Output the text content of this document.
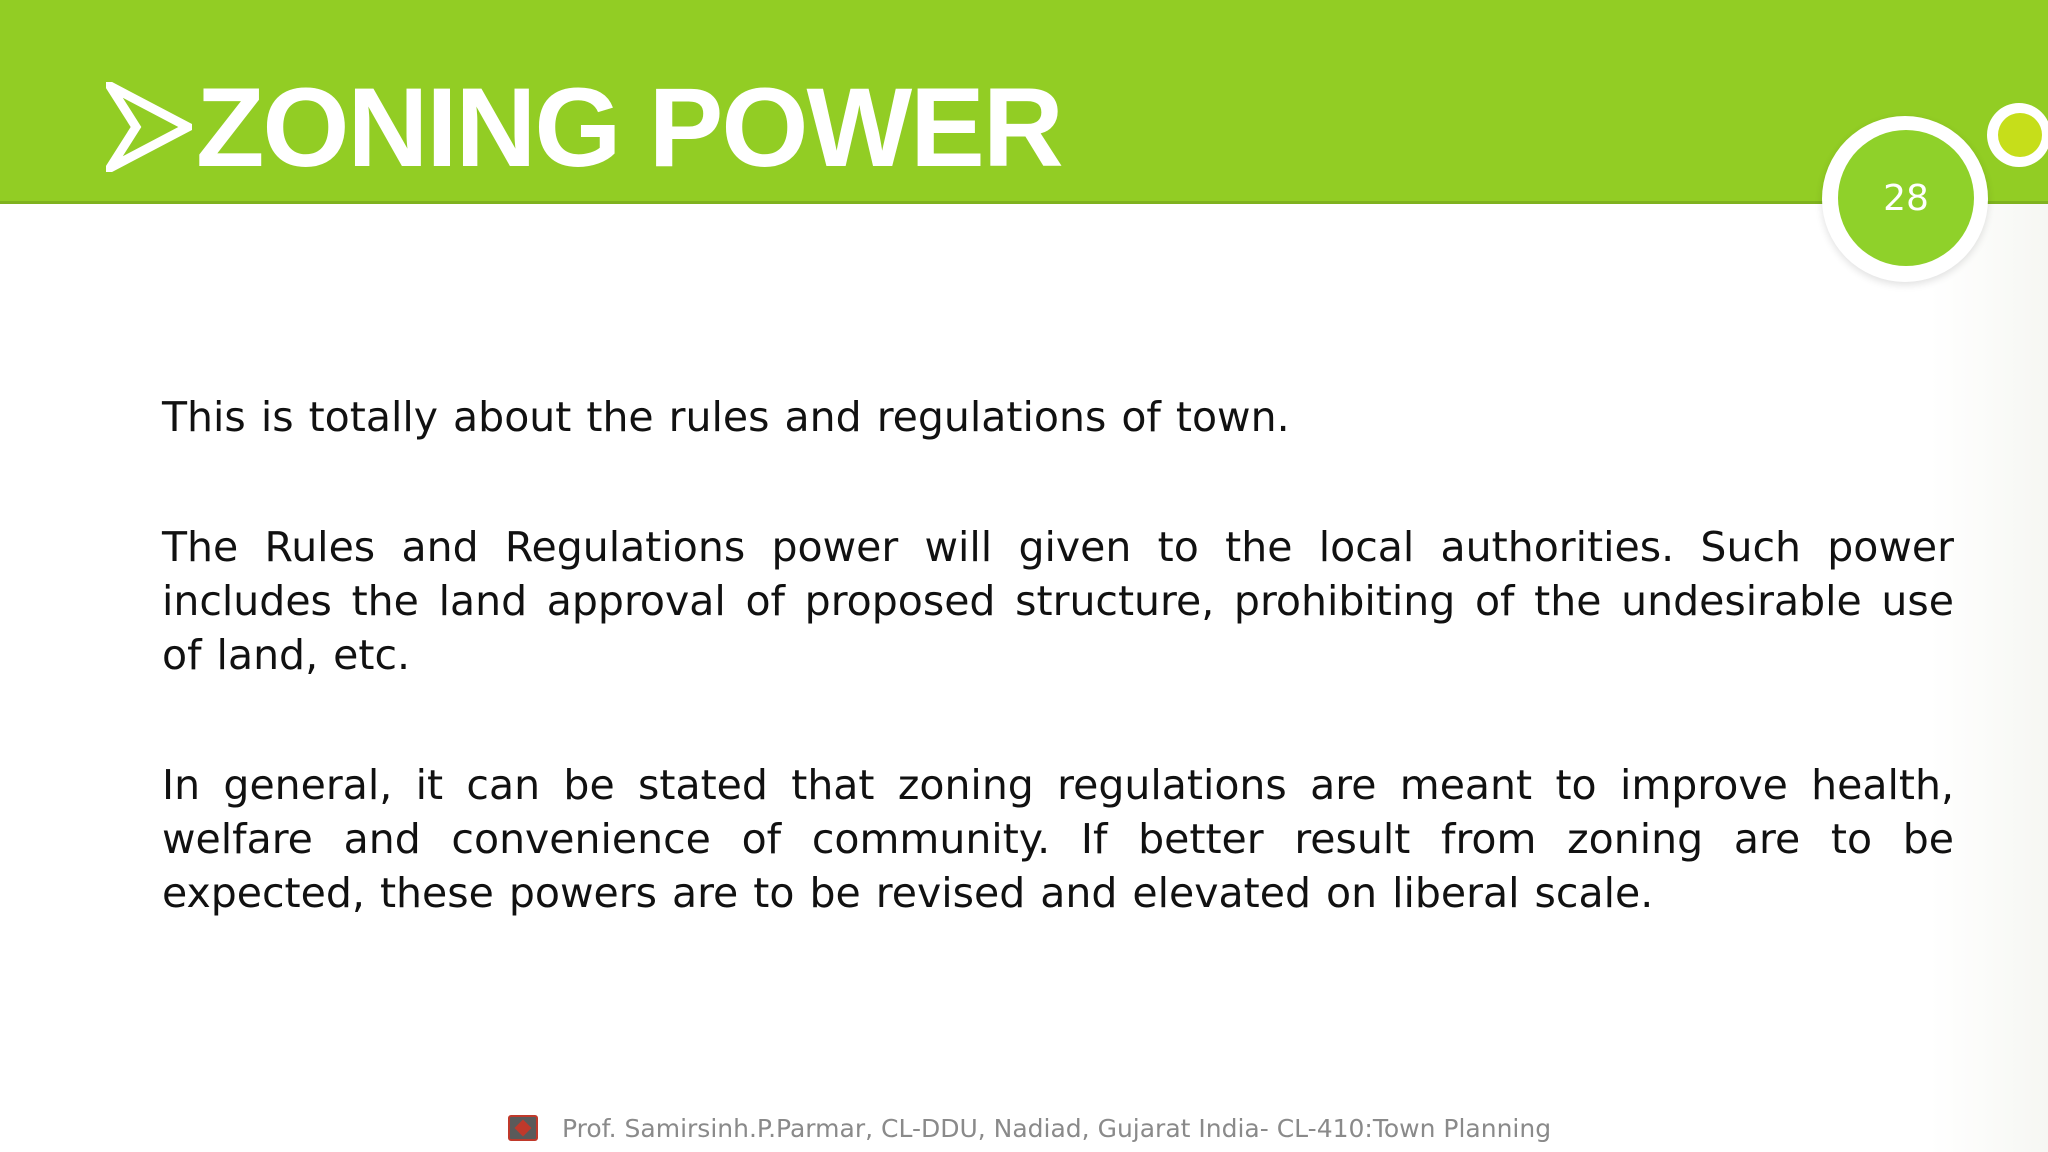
ZONING POWER
28

This is totally about the rules and regulations of town.

The Rules and Regulations power will given to the local authorities. Such power includes the land approval of proposed structure, prohibiting of the undesirable use of land, etc.

In general, it can be stated that zoning regulations are meant to improve health, welfare and convenience of community. If better result from zoning are to be expected, these powers are to be revised and elevated on liberal scale.

Prof. Samirsinh.P.Parmar, CL-DDU, Nadiad, Gujarat India- CL-410:Town Planning
